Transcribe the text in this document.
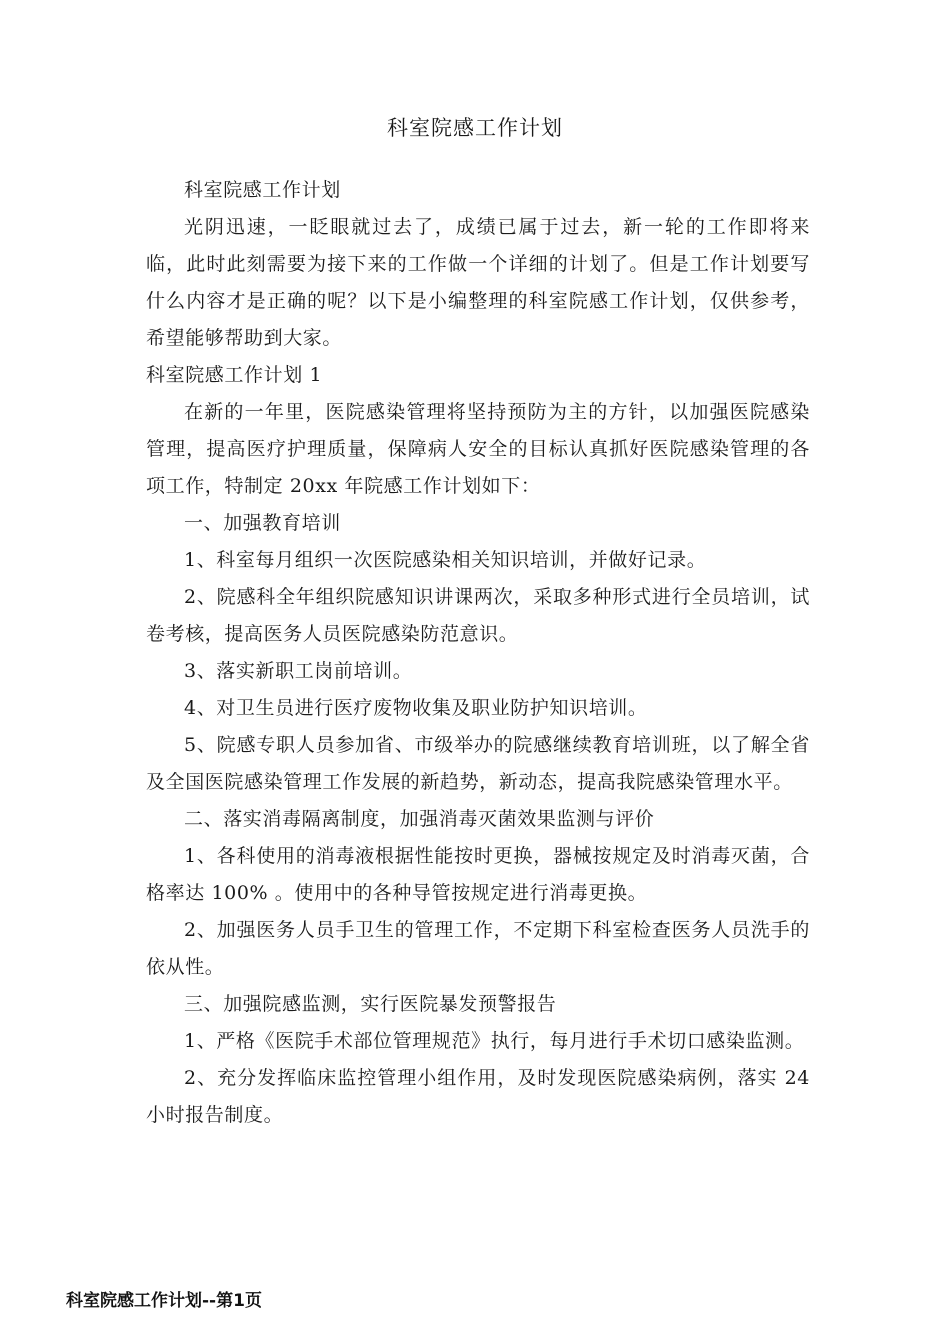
科室院感工作计划

科室院感工作计划

光阴迅速，一眨眼就过去了，成绩已属于过去，新一轮的工作即将来临，此时此刻需要为接下来的工作做一个详细的计划了。但是工作计划要写什么内容才是正确的呢？以下是小编整理的科室院感工作计划，仅供参考，希望能够帮助到大家。

科室院感工作计划 1

在新的一年里，医院感染管理将坚持预防为主的方针，以加强医院感染管理，提高医疗护理质量，保障病人安全的目标认真抓好医院感染管理的各项工作，特制定 20xx 年院感工作计划如下：

一、加强教育培训

1、科室每月组织一次医院感染相关知识培训，并做好记录。

2、院感科全年组织院感知识讲课两次，采取多种形式进行全员培训，试卷考核，提高医务人员医院感染防范意识。

3、落实新职工岗前培训。

4、对卫生员进行医疗废物收集及职业防护知识培训。

5、院感专职人员参加省、市级举办的院感继续教育培训班，以了解全省及全国医院感染管理工作发展的新趋势，新动态，提高我院感染管理水平。

二、落实消毒隔离制度，加强消毒灭菌效果监测与评价

1、各科使用的消毒液根据性能按时更换，器械按规定及时消毒灭菌，合格率达 100% 。使用中的各种导管按规定进行消毒更换。

2、加强医务人员手卫生的管理工作，不定期下科室检查医务人员洗手的依从性。

三、加强院感监测，实行医院暴发预警报告

1、严格《医院手术部位管理规范》执行，每月进行手术切口感染监测。

2、充分发挥临床监控管理小组作用，及时发现医院感染病例，落实 24 小时报告制度。

科室院感工作计划--第1页
